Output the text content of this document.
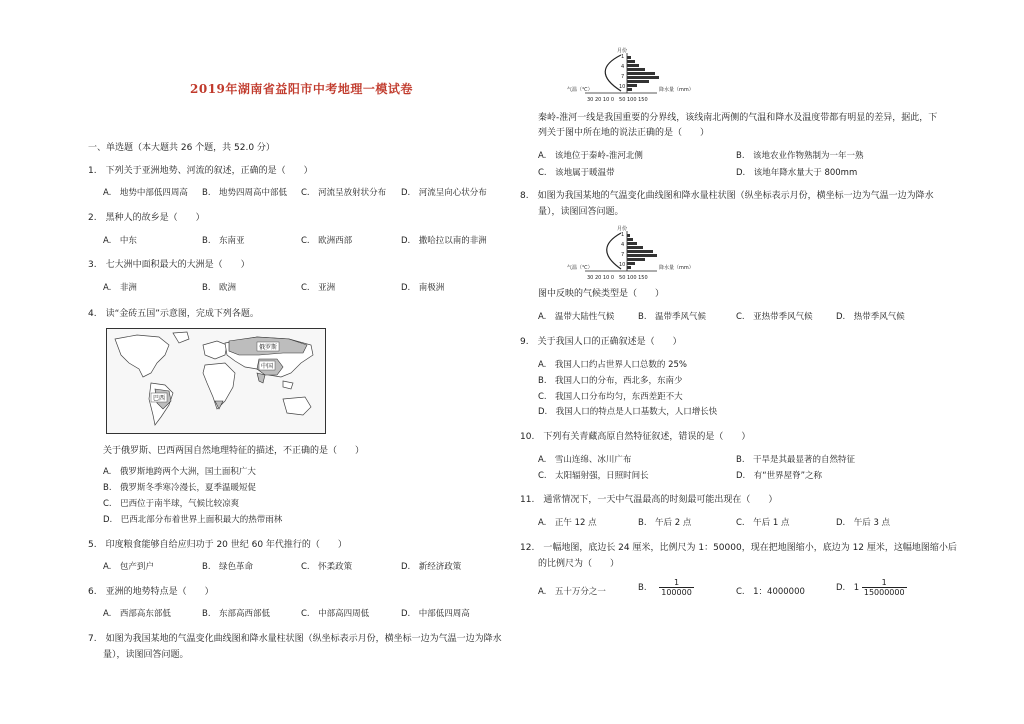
2019年湖南省益阳市中考地理一模试卷
一、单选题（本大题共 26 个题，共 52.0 分）
1.　下列关于亚洲地势、河流的叙述，正确的是（　　）
A.　地势中部低四周高 B.　地势四周高中部低 C.　河流呈放射状分布 D.　河流呈向心状分布
2.　黑种人的故乡是（　　）
A.　中东	B.　东南亚	C.　欧洲西部	D.　撒哈拉以南的非洲
3.　七大洲中面积最大的大洲是（　　）
A.　非洲	B.　欧洲	C.　亚洲	D.　南极洲
4.　读“金砖五国”示意图，完成下列各题。
俄罗斯
中国
巴西
关于俄罗斯、巴西两国自然地理特征的描述，不正确的是（　　）
A.　俄罗斯地跨两个大洲，国土面积广大
B.　俄罗斯冬季寒冷漫长，夏季温暖短促
C.　巴西位于南半球，气候比较凉爽
D.　巴西北部分布着世界上面积最大的热带雨林
5.　印度粮食能够自给应归功于 20 世纪 60 年代推行的（　　）
A.　包产到户	B.　绿色革命	C.　怀柔政策	D.　新经济政策
6.　亚洲的地势特点是（　　）
A.　西部高东部低	B.　东部高西部低	C.　中部高四周低	D.　中部低四周高
7.　如图为我国某地的气温变化曲线图和降水量柱状图（纵坐标表示月份，横坐标一边为气温一边为降水
量），读图回答问题。
月份
气温（℃）	降水量（mm）
30 20 10 0　50 100 150
1
4
7
10
秦岭-淮河一线是我国重要的分界线，该线南北两侧的气温和降水及温度带都有明显的差异，据此，下
列关于图中所在地的说法正确的是（　　）
A.　该地位于秦岭-淮河北侧	B.　该地农业作物熟制为一年一熟
C.　该地属于暖温带	D.　该地年降水量大于 800mm
8.　如图为我国某地的气温变化曲线图和降水量柱状图（纵坐标表示月份，横坐标一边为气温一边为降水
量），读图回答问题。
月份
气温（℃）	降水量（mm）
30 20 10 0　50 100 150
1
4
7
10
图中反映的气候类型是（　　）
A.　温带大陆性气候	B.　温带季风气候	C.　亚热带季风气候	D.　热带季风气候
9.　关于我国人口的正确叙述是（　　）
A.　我国人口约占世界人口总数的 25%
B.　我国人口的分布，西北多，东南少
C.　我国人口分布均匀，东西差距不大
D.　我国人口的特点是人口基数大，人口增长快
10.　下列有关青藏高原自然特征叙述，错误的是（　　）
A.　雪山连绵、冰川广布	B.　干旱是其最显著的自然特征
C.　太阳辐射强，日照时间长	D.　有“世界屋脊”之称
11.　通常情况下，一天中气温最高的时刻最可能出现在（　　）
A.　正午 12 点	B.　午后 2 点	C.　午后 1 点	D.　午后 3 点
12.　一幅地图，底边长 24 厘米，比例尺为 1：50000，现在把地图缩小，底边为 12 厘米，这幅地图缩小后
的比例尺为（　　）
A.　五十万分之一	B. $\frac{1}{100000}$	C.　1：4000000	D.　$1 \frac{1}{15000000}$
